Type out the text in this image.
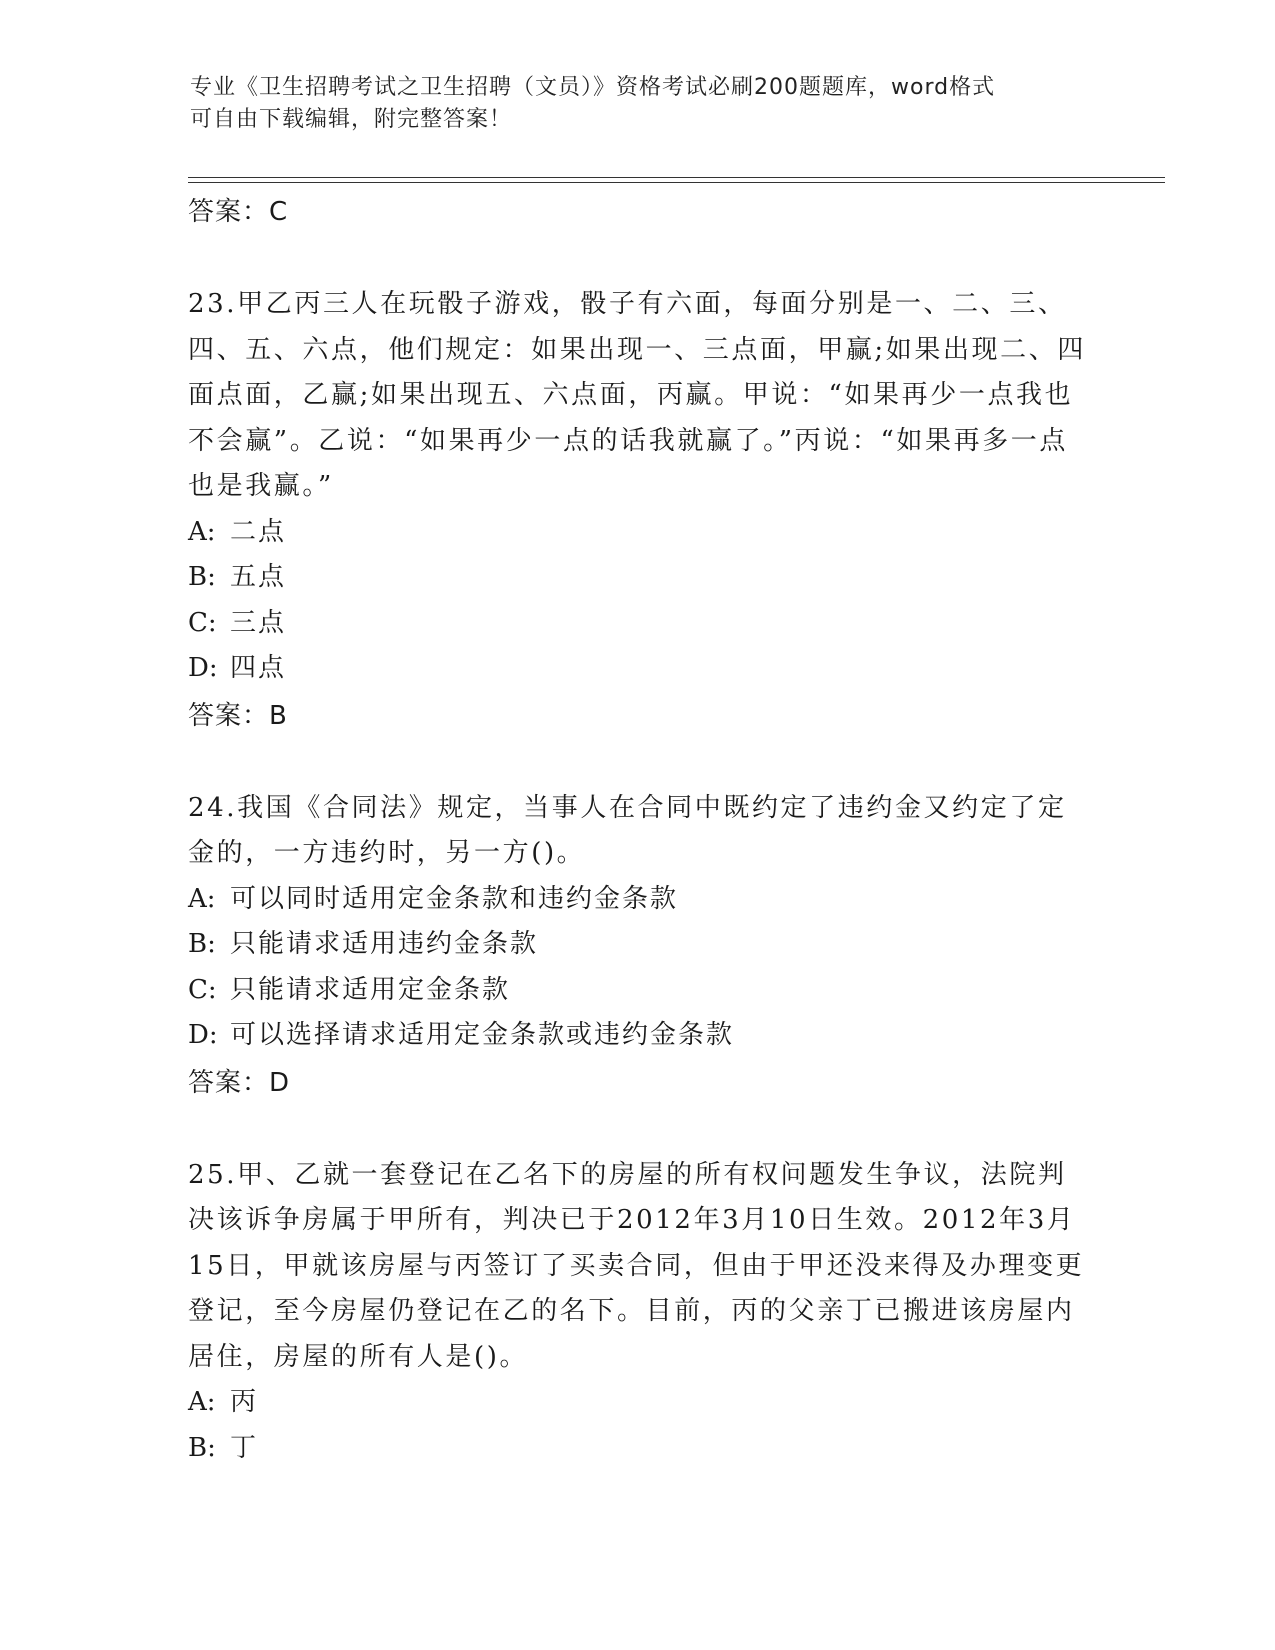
专业《卫生招聘考试之卫生招聘（文员）》资格考试必刷200题题库，word格式
可自由下载编辑，附完整答案！

答案：C

23.甲乙丙三人在玩骰子游戏，骰子有六面，每面分别是一、二、三、四、五、六点，他们规定：如果出现一、三点面，甲赢;如果出现二、四面点面，乙赢;如果出现五、六点面，丙赢。甲说：“如果再少一点我也不会赢”。乙说：“如果再少一点的话我就赢了。”丙说：“如果再多一点也是我赢。”

A: 二点

B: 五点

C: 三点

D: 四点

答案：B

24.我国《合同法》规定，当事人在合同中既约定了违约金又约定了定金的，一方违约时，另一方()。

A: 可以同时适用定金条款和违约金条款

B: 只能请求适用违约金条款

C: 只能请求适用定金条款

D: 可以选择请求适用定金条款或违约金条款

答案：D

25.甲、乙就一套登记在乙名下的房屋的所有权问题发生争议，法院判决该诉争房属于甲所有，判决已于2012年3月10日生效。2012年3月15日，甲就该房屋与丙签订了买卖合同，但由于甲还没来得及办理变更登记，至今房屋仍登记在乙的名下。目前，丙的父亲丁已搬进该房屋内居住，房屋的所有人是()。

A: 丙

B: 丁
